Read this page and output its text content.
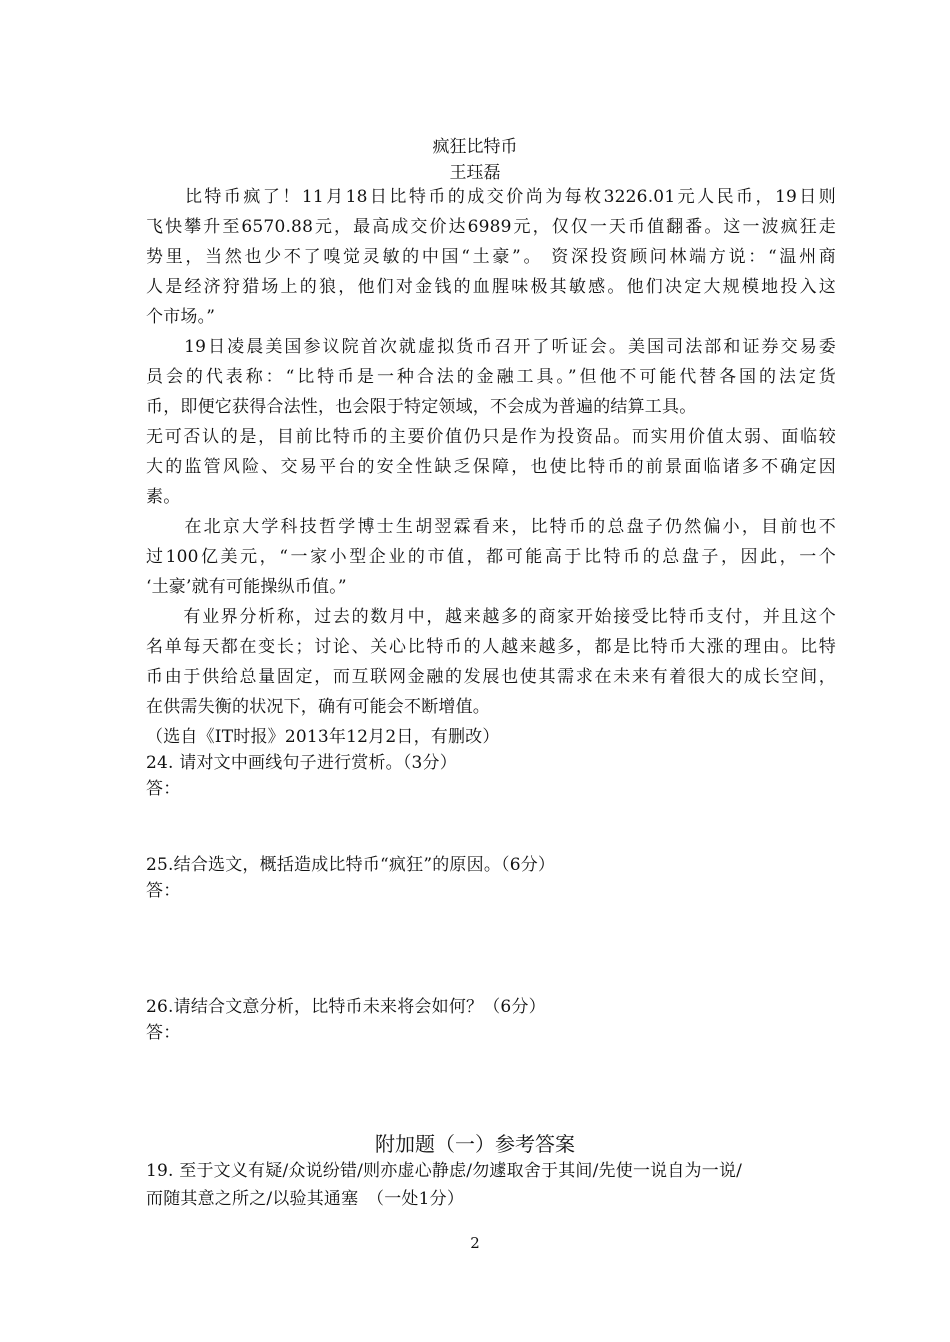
疯狂比特币
王珏磊
　　比特币疯了！11月18日比特币的成交价尚为每枚3226.01元人民币，19日则
飞快攀升至6570.88元，最高成交价达6989元，仅仅一天币值翻番。这一波疯狂走
势里，当然也少不了嗅觉灵敏的中国“土豪”。 资深投资顾问林端方说：“温州商
人是经济狩猎场上的狼，他们对金钱的血腥味极其敏感。他们决定大规模地投入这
个市场。”
　　19日凌晨美国参议院首次就虚拟货币召开了听证会。美国司法部和证券交易委
员会的代表称：“比特币是一种合法的金融工具。”但他不可能代替各国的法定货
币，即便它获得合法性，也会限于特定领域，不会成为普遍的结算工具。
无可否认的是，目前比特币的主要价值仍只是作为投资品。而实用价值太弱、面临较
大的监管风险、交易平台的安全性缺乏保障，也使比特币的前景面临诸多不确定因
素。
　　在北京大学科技哲学博士生胡翌霖看来，比特币的总盘子仍然偏小，目前也不
过100亿美元，“一家小型企业的市值，都可能高于比特币的总盘子，因此，一个
‘土豪’就有可能操纵币值。”
　　有业界分析称，过去的数月中，越来越多的商家开始接受比特币支付，并且这个
名单每天都在变长；讨论、关心比特币的人越来越多，都是比特币大涨的理由。比特
币由于供给总量固定，而互联网金融的发展也使其需求在未来有着很大的成长空间，
在供需失衡的状况下，确有可能会不断增值。
（选自《IT时报》2013年12月2日，有删改）
24. 请对文中画线句子进行赏析。（3分）
答：
25.结合选文，概括造成比特币“疯狂”的原因。（6分）
答：
26.请结合文意分析，比特币未来将会如何？（6分）
答：
附加题（一）参考答案
19. 至于文义有疑/众说纷错/则亦虚心静虑/勿遽取舍于其间/先使一说自为一说/
而随其意之所之/以验其通塞　（一处1分）
2
